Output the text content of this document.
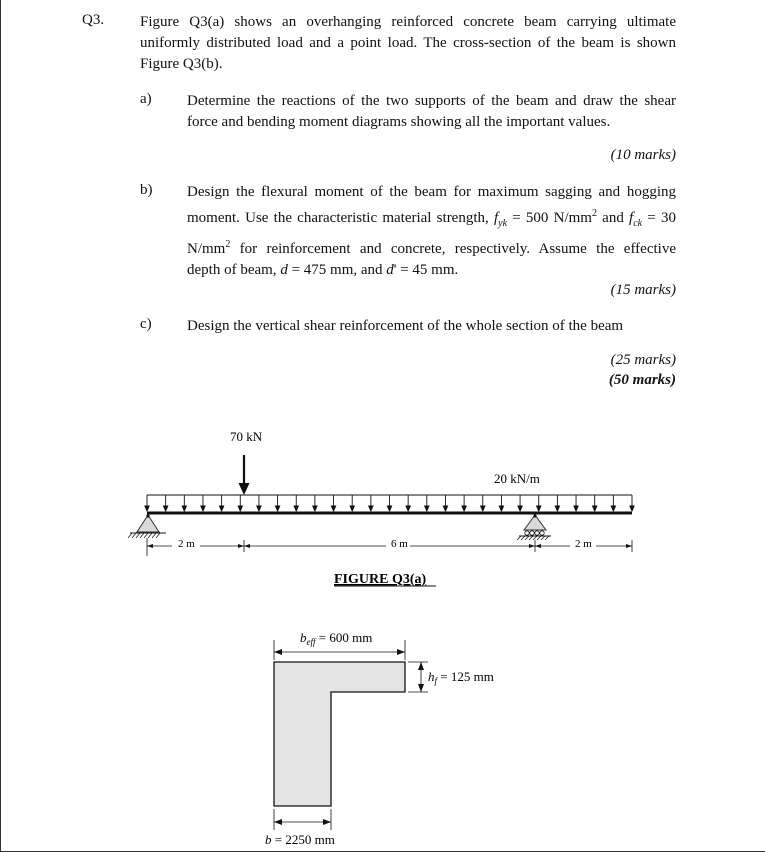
Q3. Figure Q3(a) shows an overhanging reinforced concrete beam carrying ultimate
uniformly distributed load and a point load. The cross-section of the beam is shown
Figure Q3(b).
a) Determine the reactions of the two supports of the beam and draw the shear
force and bending moment diagrams showing all the important values.
(10 marks)
b) Design the flexural moment of the beam for maximum sagging and hogging
moment. Use the characteristic material strength, $f_{yk} = 500$ $N/mm^2$ and $f_{ck} = 30$
$N/mm^2$ for reinforcement and concrete, respectively. Assume the effective
depth of beam, d = 475 mm, and d' = 45 mm.
(15 marks)
c) Design the vertical shear reinforcement of the whole section of the beam
(25 marks)
(50 marks)
70 kN
20 kN/m
2 m	6 m	2 m
FIGURE Q3(a)
$b_{eff} = 600$ mm
$h_f = 125$ mm
b = 2250 mm
